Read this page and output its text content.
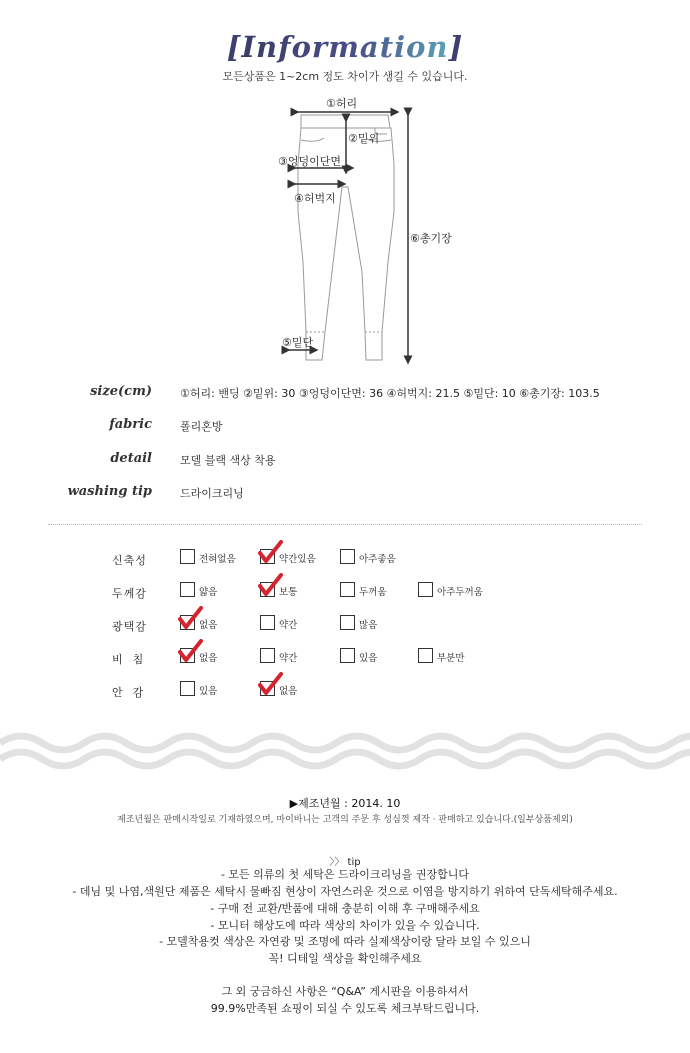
[Information]
모든상품은 1~2cm 정도 차이가 생길 수 있습니다.
①허리
②밑위
③엉덩이단면
④허벅지
⑤밑단
⑥총기장
size(cm)	①허리: 밴딩 ②밑위: 30 ③엉덩이단면: 36 ④허벅지: 21.5 ⑤밑단: 10 ⑥총기장: 103.5
fabric	폴리혼방
detail	모델 블랙 색상 착용
washing tip	드라이크리닝
신축성	전혀없음	약간있음	아주좋음
두께감	얇음	보통	두꺼움	아주두꺼움
광택감	없음	약간	많음
비  침	없음	약간	있음	부분만
안  감	있음	없음
▶제조년월 : 2014. 10
제조년월은 판매시작일로 기재하였으며, 마이바니는 고객의 주문 후 성심껏 제작 · 판매하고 있습니다.(일부상품제외)
〉〉 tip
- 모든 의류의 첫 세탁은 드라이크리닝을 권장합니다
- 데님 및 나염,색원단 제품은 세탁시 물빠짐 현상이 자연스러운 것으로 이염을 방지하기 위하여 단독세탁해주세요.
- 구매 전 교환/반품에 대해 충분히 이해 후 구매해주세요
- 모니터 해상도에 따라 색상의 차이가 있을 수 있습니다.
- 모델착용컷 색상은 자연광 및 조명에 따라 실제색상이랑 달라 보일 수 있으니
꼭! 디테일 색상을 확인해주세요
그 외 궁금하신 사항은 “Q&A” 게시판을 이용하셔서
99.9%만족된 쇼핑이 되실 수 있도록 체크부탁드립니다.
